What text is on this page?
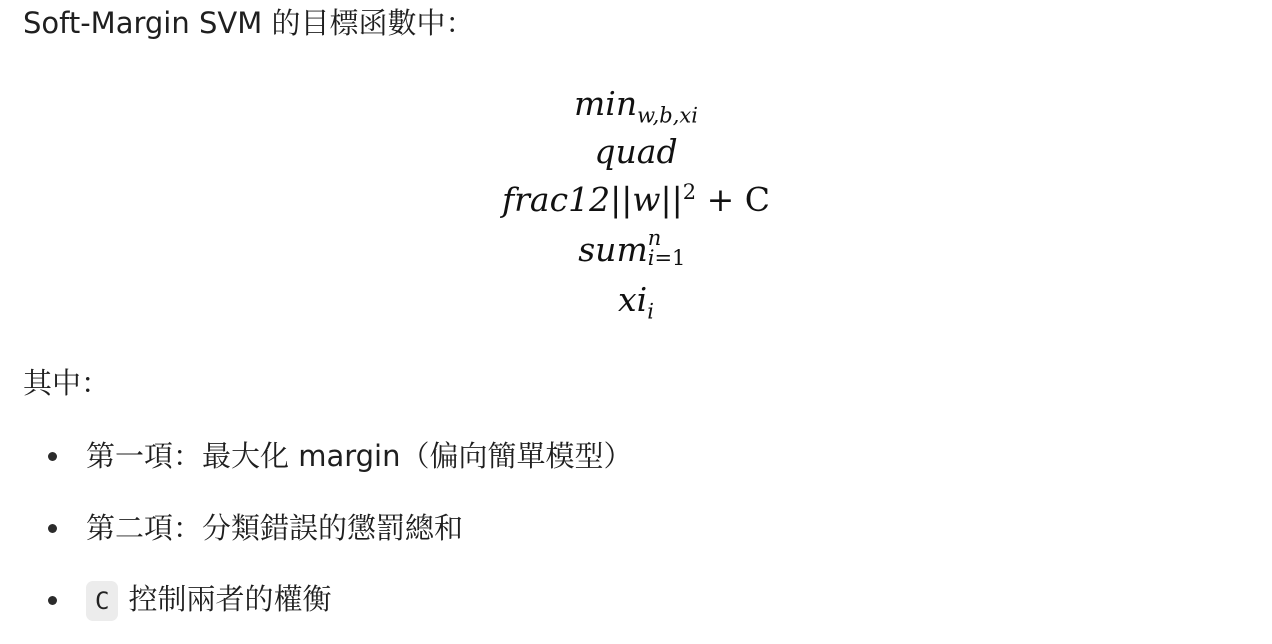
Soft-Margin SVM 的目標函數中：

$\min_{w,b,xi}$
quad
$frac12||w||^2 + C$
sum n
i=1
$xi_i$

其中：

第一項：最大化 margin（偏向簡單模型）
第二項：分類錯誤的懲罰總和
C 控制兩者的權衡
